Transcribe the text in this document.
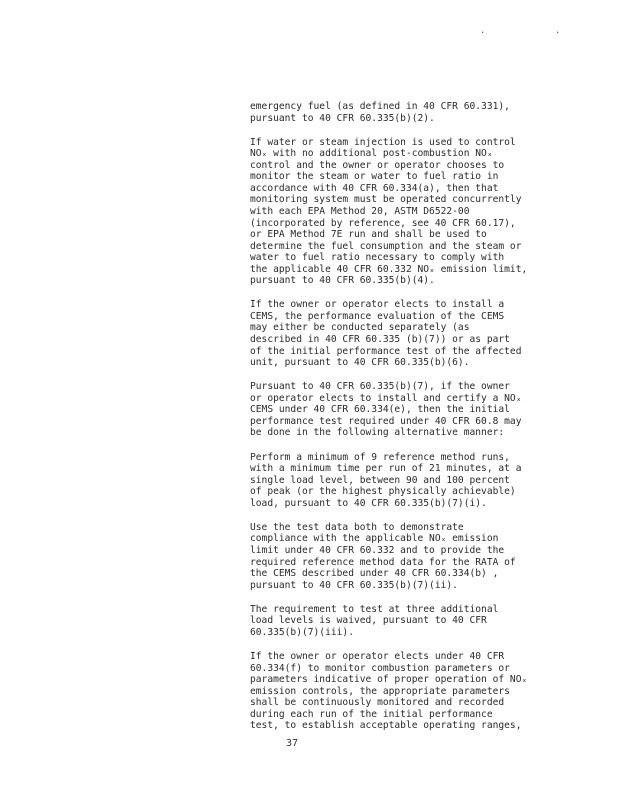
. .
emergency fuel (as defined in 40 CFR 60.331),
pursuant to 40 CFR 60.335(b)(2).
If water or steam injection is used to control
NOₓ with no additional post-combustion NOₓ
control and the owner or operator chooses to
monitor the steam or water to fuel ratio in
accordance with 40 CFR 60.334(a), then that
monitoring system must be operated concurrently
with each EPA Method 20, ASTM D6522-00
(incorporated by reference, see 40 CFR 60.17),
or EPA Method 7E run and shall be used to
determine the fuel consumption and the steam or
water to fuel ratio necessary to comply with
the applicable 40 CFR 60.332 NOₓ emission limit,
pursuant to 40 CFR 60.335(b)(4).
If the owner or operator elects to install a
CEMS, the performance evaluation of the CEMS
may either be conducted separately (as
described in 40 CFR 60.335 (b)(7)) or as part
of the initial performance test of the affected
unit, pursuant to 40 CFR 60.335(b)(6).
Pursuant to 40 CFR 60.335(b)(7), if the owner
or operator elects to install and certify a NOₓ
CEMS under 40 CFR 60.334(e), then the initial
performance test required under 40 CFR 60.8 may
be done in the following alternative manner:
Perform a minimum of 9 reference method runs,
with a minimum time per run of 21 minutes, at a
single load level, between 90 and 100 percent
of peak (or the highest physically achievable)
load, pursuant to 40 CFR 60.335(b)(7)(i).
Use the test data both to demonstrate
compliance with the applicable NOₓ emission
limit under 40 CFR 60.332 and to provide the
required reference method data for the RATA of
the CEMS described under 40 CFR 60.334(b) ,
pursuant to 40 CFR 60.335(b)(7)(ii).
The requirement to test at three additional
load levels is waived, pursuant to 40 CFR
60.335(b)(7)(iii).
If the owner or operator elects under 40 CFR
60.334(f) to monitor combustion parameters or
parameters indicative of proper operation of NOₓ
emission controls, the appropriate parameters
shall be continuously monitored and recorded
during each run of the initial performance
test, to establish acceptable operating ranges,
37
